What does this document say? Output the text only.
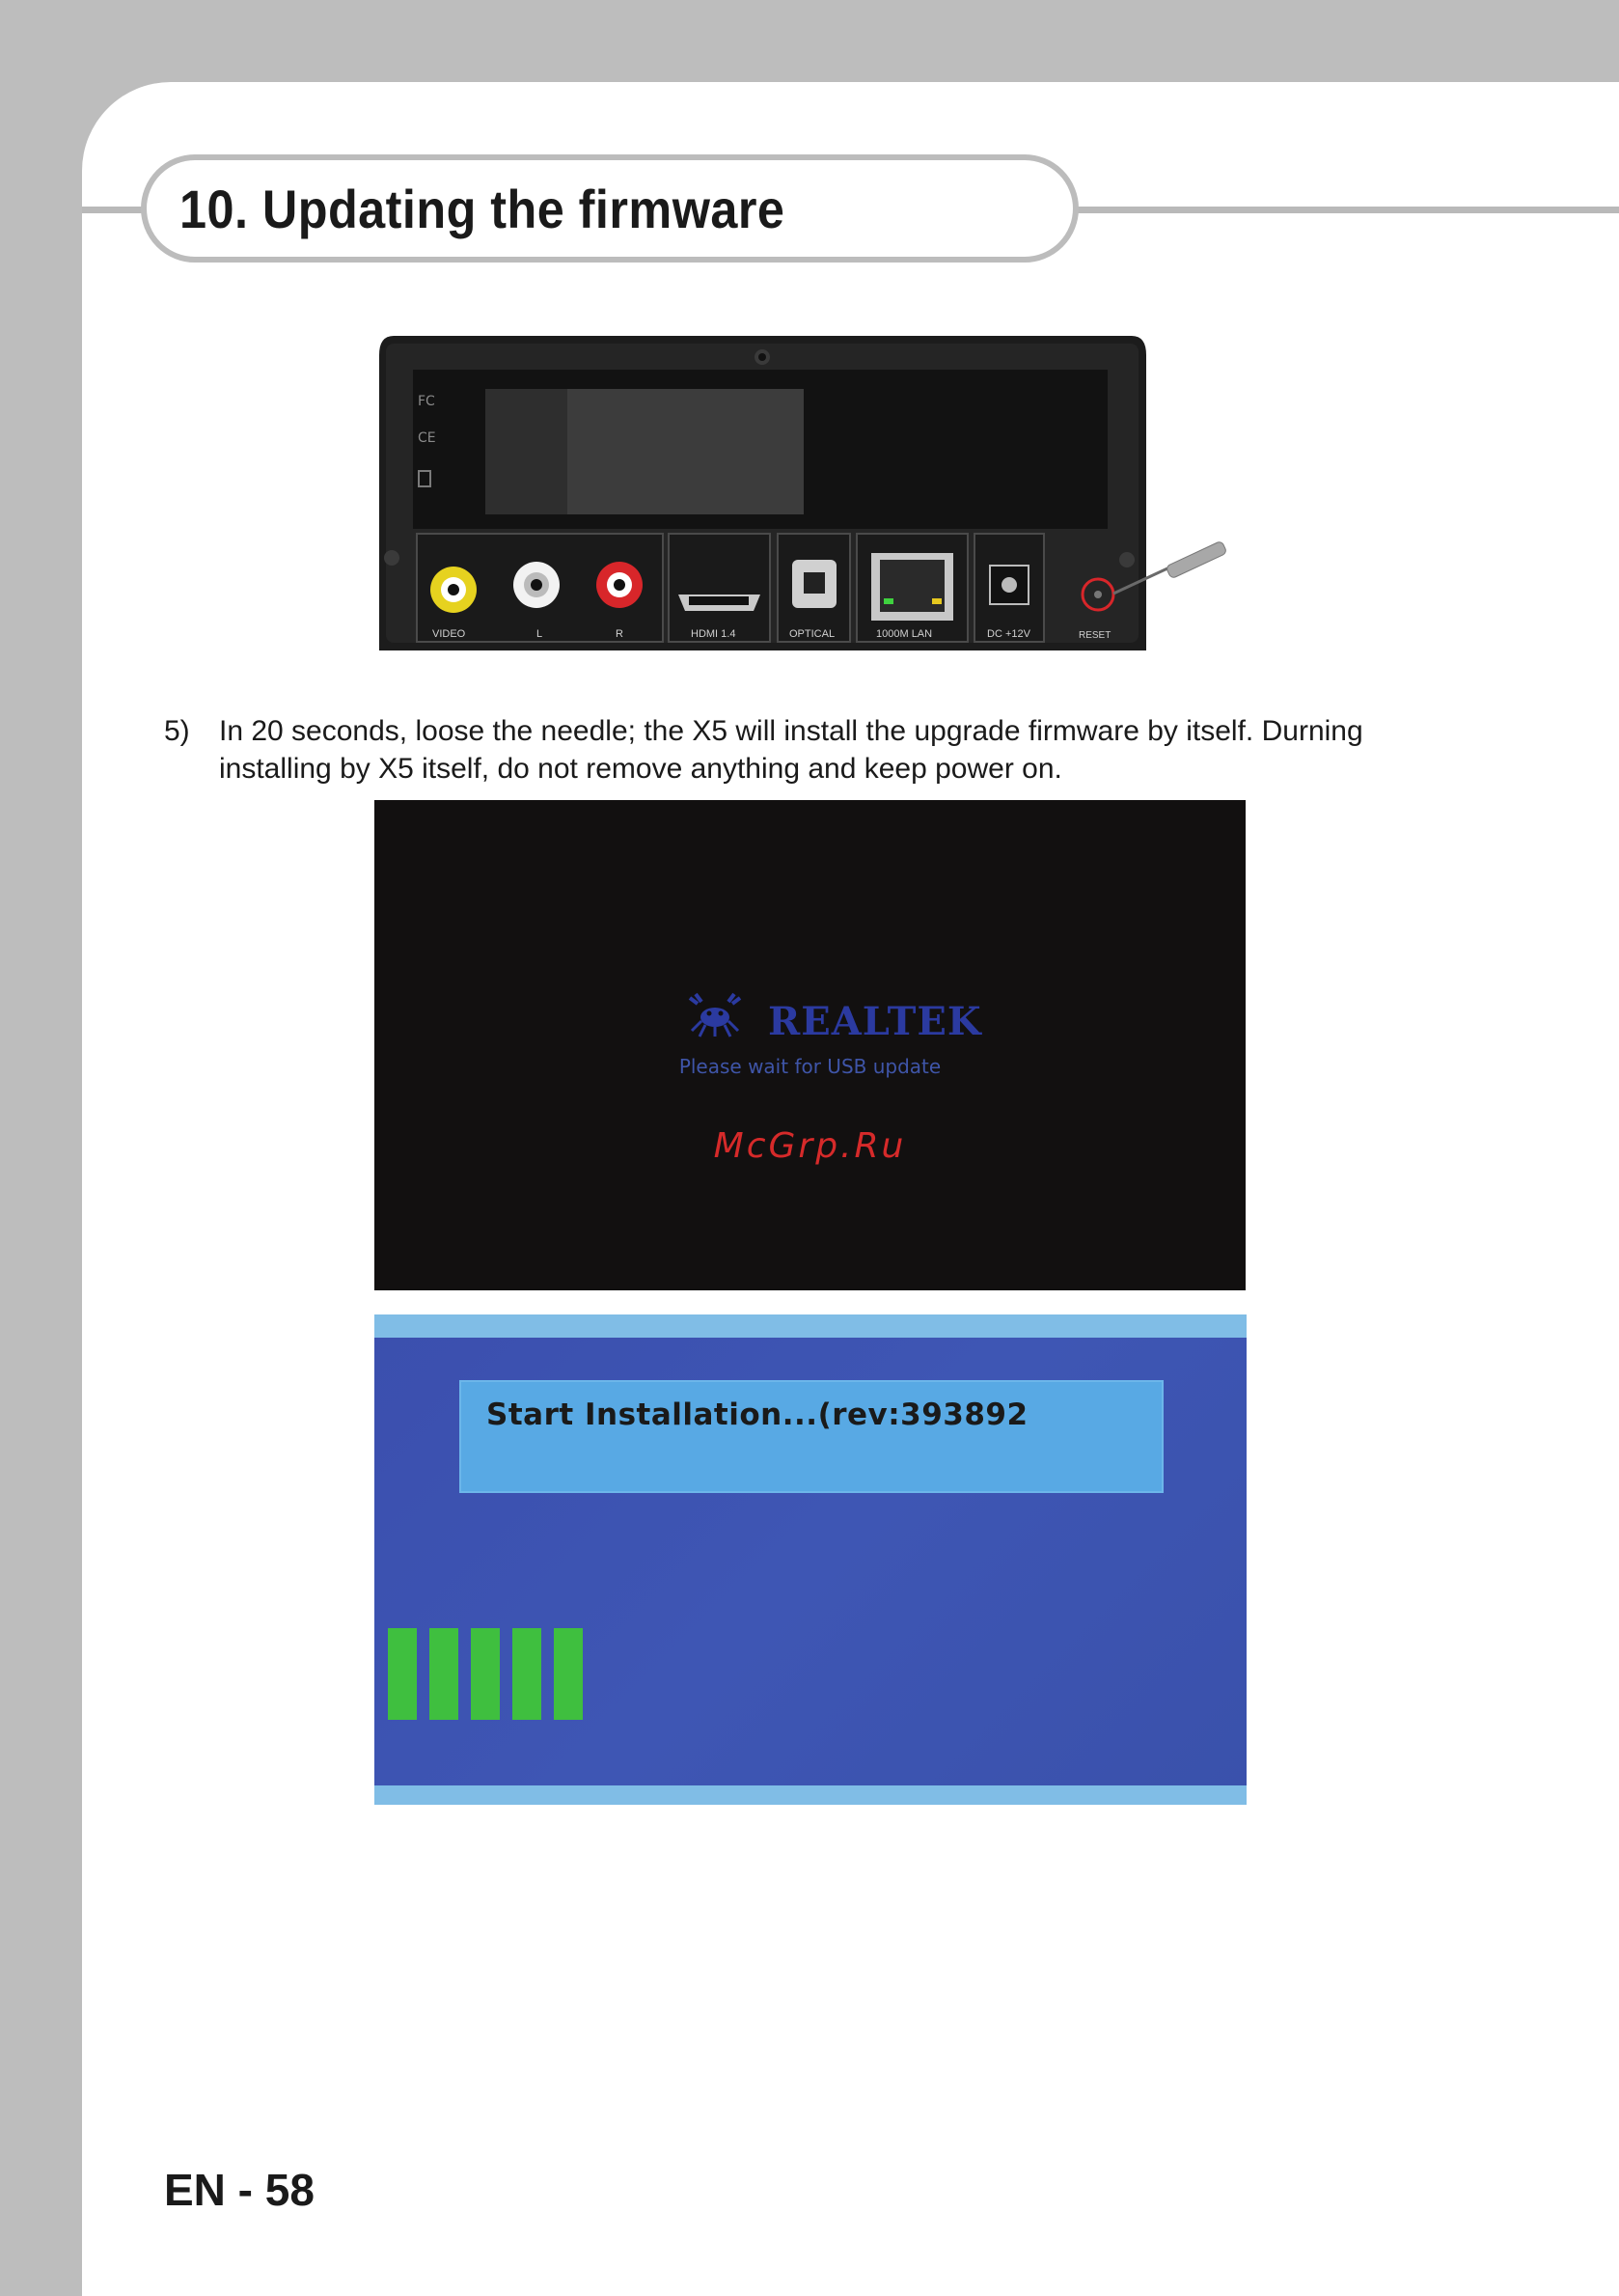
10. Updating the firmware
FC
CE
VIDEO	L	R	HDMI 1.4	OPTICAL	1000M LAN	DC +12V	RESET
5) In 20 seconds, loose the needle; the X5 will install the upgrade firmware by itself. Durning installing by X5 itself, do not remove anything and keep power on.
REALTEK
Please wait for USB update
McGrp.Ru
Start Installation...(rev:393892
EN - 58
